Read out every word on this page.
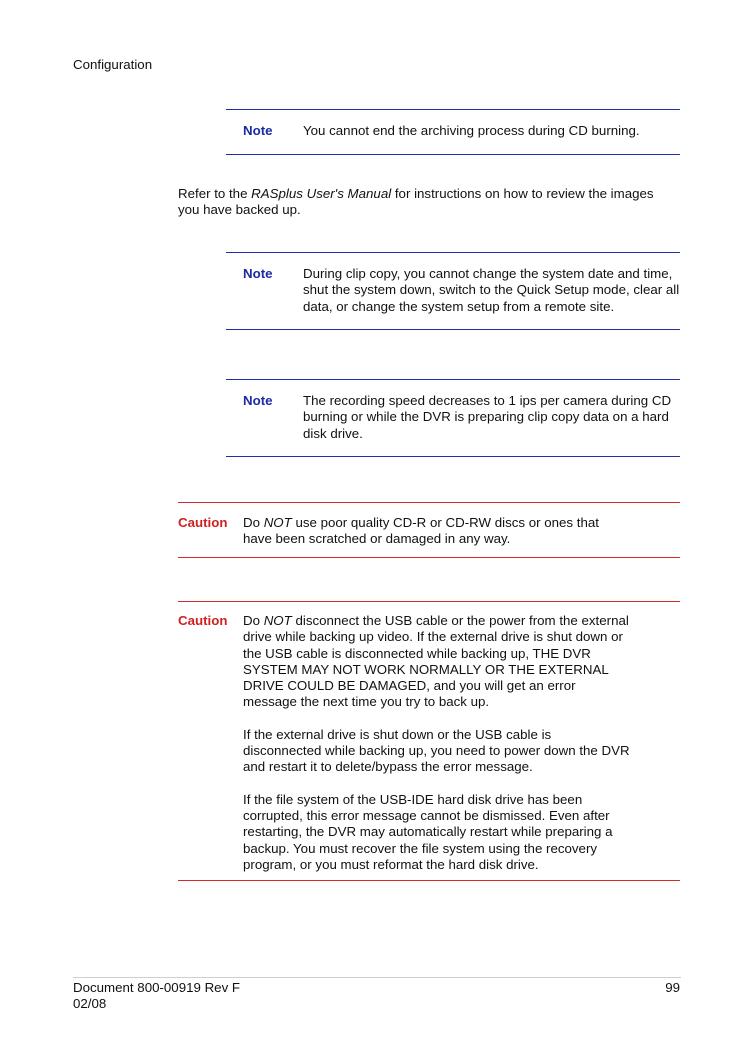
Configuration
Note You cannot end the archiving process during CD burning.
Refer to the RASplus User's Manual for instructions on how to review the images you have backed up.
Note During clip copy, you cannot change the system date and time, shut the system down, switch to the Quick Setup mode, clear all data, or change the system setup from a remote site.
Note The recording speed decreases to 1 ips per camera during CD burning or while the DVR is preparing clip copy data on a hard disk drive.
Caution Do NOT use poor quality CD-R or CD-RW discs or ones that have been scratched or damaged in any way.
Caution Do NOT disconnect the USB cable or the power from the external drive while backing up video. If the external drive is shut down or the USB cable is disconnected while backing up, THE DVR SYSTEM MAY NOT WORK NORMALLY OR THE EXTERNAL DRIVE COULD BE DAMAGED, and you will get an error message the next time you try to back up.

If the external drive is shut down or the USB cable is disconnected while backing up, you need to power down the DVR and restart it to delete/bypass the error message.

If the file system of the USB-IDE hard disk drive has been corrupted, this error message cannot be dismissed. Even after restarting, the DVR may automatically restart while preparing a backup. You must recover the file system using the recovery program, or you must reformat the hard disk drive.

Document 800-00919 Rev F
02/08
99
